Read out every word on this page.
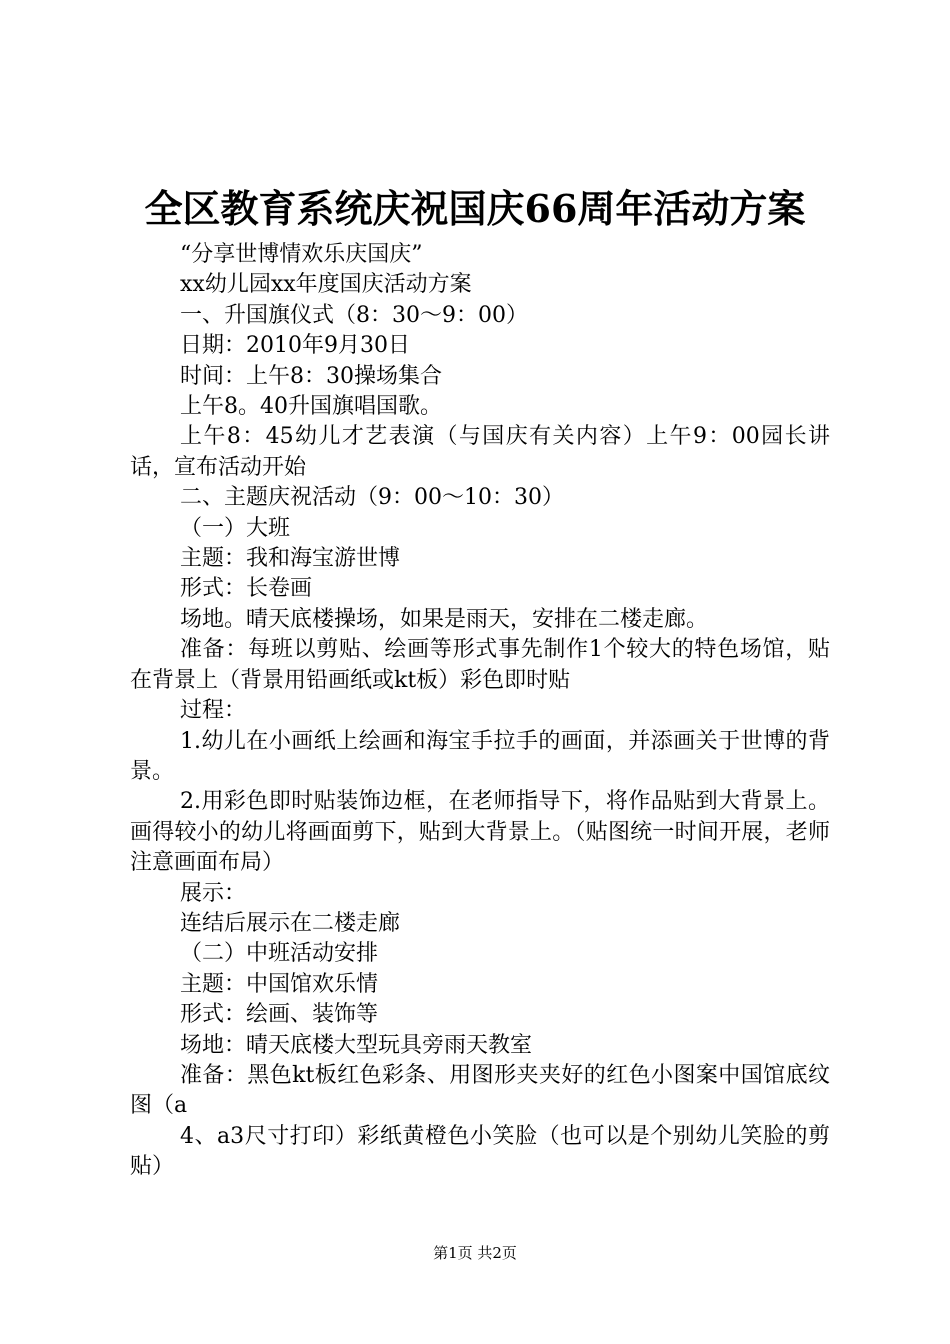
全区教育系统庆祝国庆66周年活动方案

“分享世博情欢乐庆国庆”

xx幼儿园xx年度国庆活动方案

一、升国旗仪式（8：30～9：00）

日期：2010年9月30日

时间：上午8：30操场集合

上午8。40升国旗唱国歌。

上午8：45幼儿才艺表演（与国庆有关内容）上午9：00园长讲话，宣布活动开始

二、主题庆祝活动（9：00～10：30）

（一）大班

主题：我和海宝游世博

形式：长卷画

场地。晴天底楼操场，如果是雨天，安排在二楼走廊。

准备：每班以剪贴、绘画等形式事先制作1个较大的特色场馆，贴在背景上（背景用铅画纸或kt板）彩色即时贴

过程：

1.幼儿在小画纸上绘画和海宝手拉手的画面，并添画关于世博的背景。

2.用彩色即时贴装饰边框，在老师指导下，将作品贴到大背景上。画得较小的幼儿将画面剪下，贴到大背景上。（贴图统一时间开展，老师注意画面布局）

展示：

连结后展示在二楼走廊

（二）中班活动安排

主题：中国馆欢乐情

形式：绘画、装饰等

场地：晴天底楼大型玩具旁雨天教室

准备：黑色kt板红色彩条、用图形夹夹好的红色小图案中国馆底纹图（a

4、a3尺寸打印）彩纸黄橙色小笑脸（也可以是个别幼儿笑脸的剪贴）

第1页 共2页
